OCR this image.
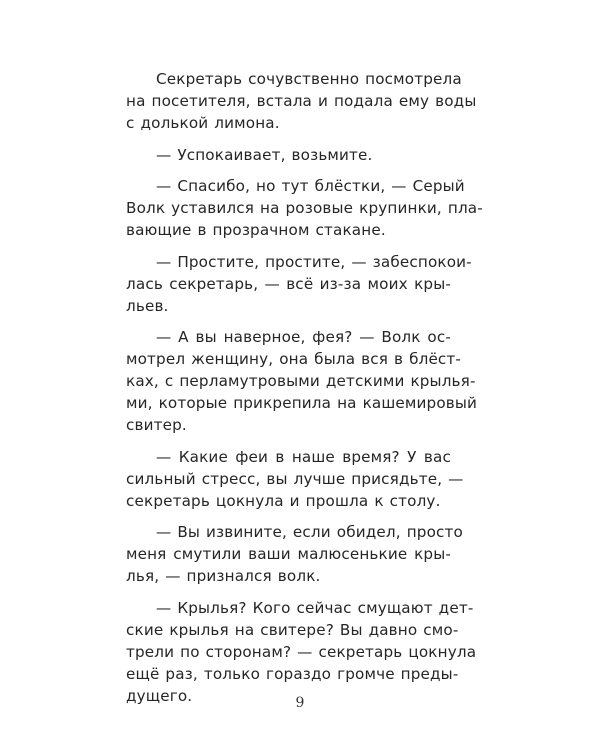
Секретарь сочувственно посмотрела
на посетителя, встала и подала ему воды
с долькой лимона.
— Успокаивает, возьмите.
— Спасибо, но тут блёстки, — Серый
Волк уставился на розовые крупинки, пла-
вающие в прозрачном стакане.
— Простите, простите, — забеспокои-
лась секретарь, — всё из-за моих кры-
льев.
— А вы наверное, фея? — Волк ос-
мотрел женщину, она была вся в блёст-
ках, с перламутровыми детскими крылья-
ми, которые прикрепила на кашемировый
свитер.
— Какие феи в наше время? У вас
сильный стресс, вы лучше присядьте, —
секретарь цокнула и прошла к столу.
— Вы извините, если обидел, просто
меня смутили ваши малюсенькие кры-
лья, — признался волк.
— Крылья? Кого сейчас смущают дет-
ские крылья на свитере? Вы давно смо-
трели по сторонам? — секретарь цокнула
ещё раз, только гораздо громче преды-
дущего.	9
